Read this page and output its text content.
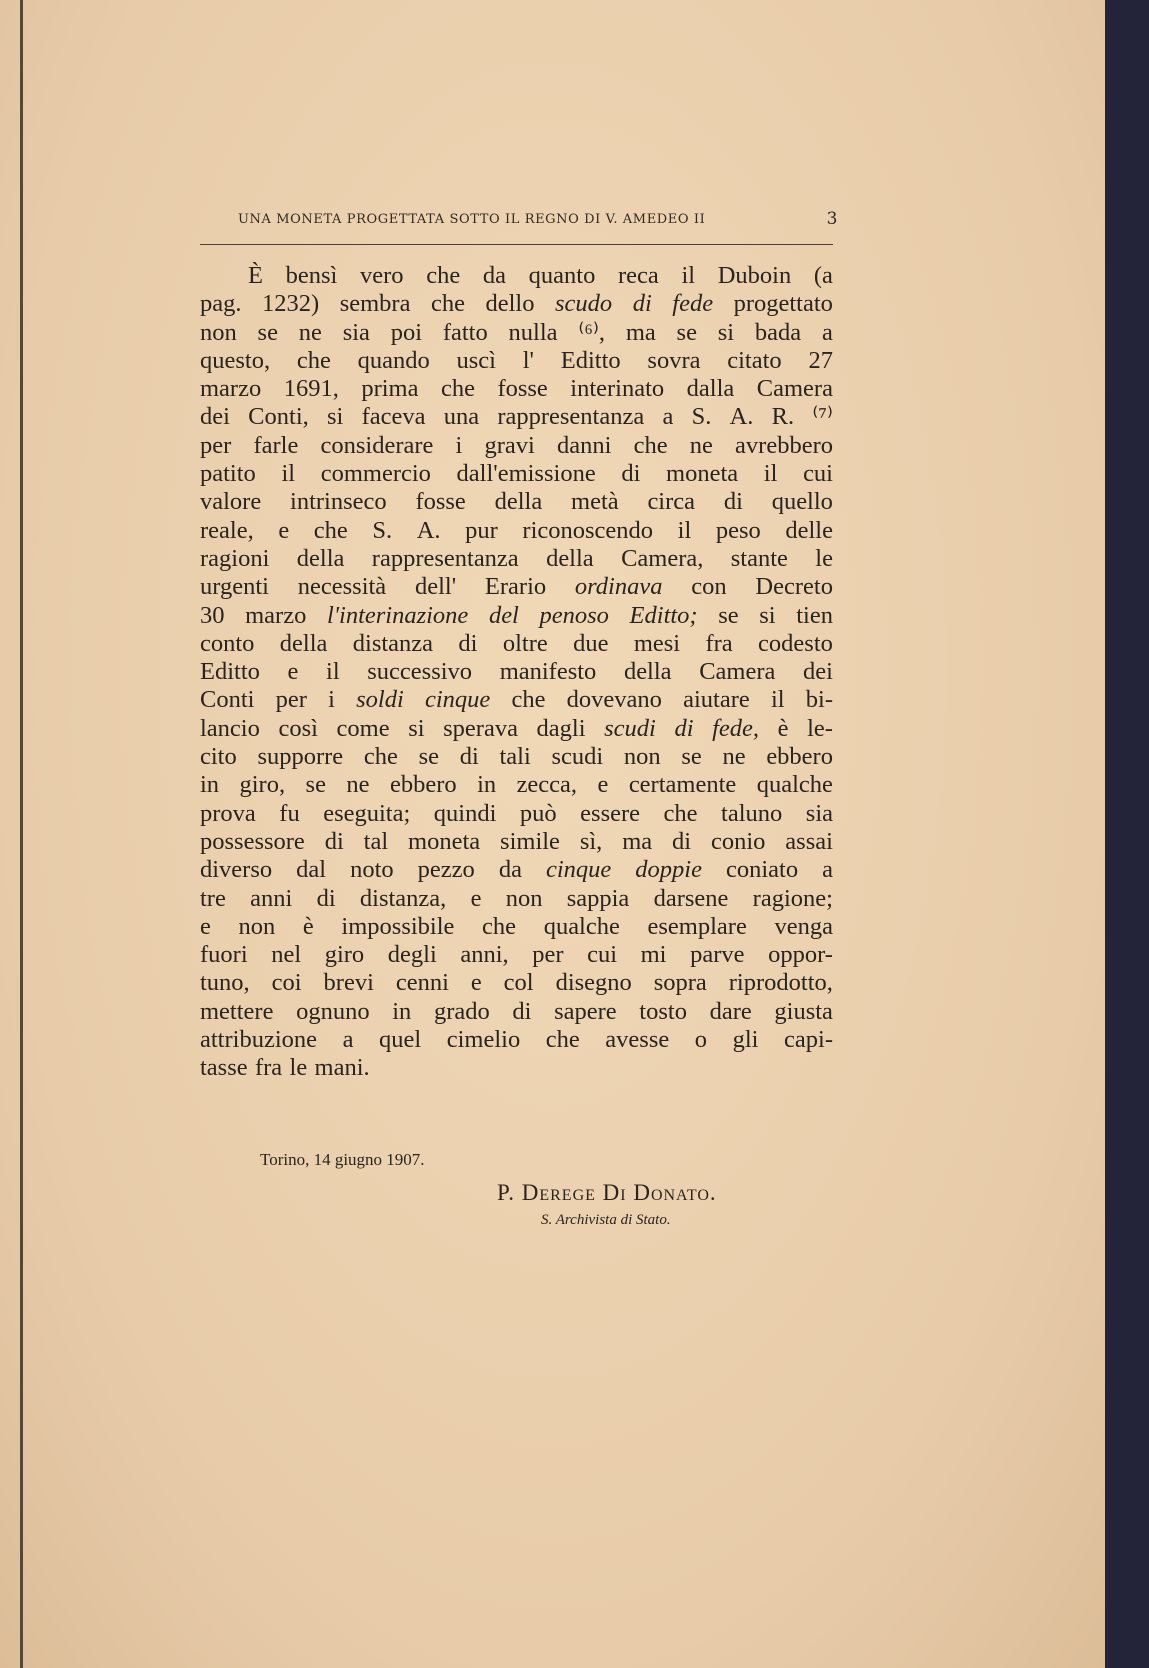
UNA MONETA PROGETTATA SOTTO IL REGNO DI V. AMEDEO II	3
È bensì vero che da quanto reca il Duboin (a
pag. 1232) sembra che dello scudo di fede progettato
non se ne sia poi fatto nulla ⁽⁶⁾, ma se si bada a
questo, che quando uscì l' Editto sovra citato 27
marzo 1691, prima che fosse interinato dalla Camera
dei Conti, si faceva una rappresentanza a S. A. R. ⁽⁷⁾
per farle considerare i gravi danni che ne avrebbero
patito il commercio dall'emissione di moneta il cui
valore intrinseco fosse della metà circa di quello
reale, e che S. A. pur riconoscendo il peso delle
ragioni della rappresentanza della Camera, stante le
urgenti necessità dell' Erario ordinava con Decreto
30 marzo l'interinazione del penoso Editto; se si tien
conto della distanza di oltre due mesi fra codesto
Editto e il successivo manifesto della Camera dei
Conti per i soldi cinque che dovevano aiutare il bi-
lancio così come si sperava dagli scudi di fede, è le-
cito supporre che se di tali scudi non se ne ebbero
in giro, se ne ebbero in zecca, e certamente qualche
prova fu eseguita; quindi può essere che taluno sia
possessore di tal moneta simile sì, ma di conio assai
diverso dal noto pezzo da cinque doppie coniato a
tre anni di distanza, e non sappia darsene ragione;
e non è impossibile che qualche esemplare venga
fuori nel giro degli anni, per cui mi parve oppor-
tuno, coi brevi cenni e col disegno sopra riprodotto,
mettere ognuno in grado di sapere tosto dare giusta
attribuzione a quel cimelio che avesse o gli capi-
tasse fra le mani.
Torino, 14 giugno 1907.
P. Derege Di Donato.
S. Archivista di Stato.
